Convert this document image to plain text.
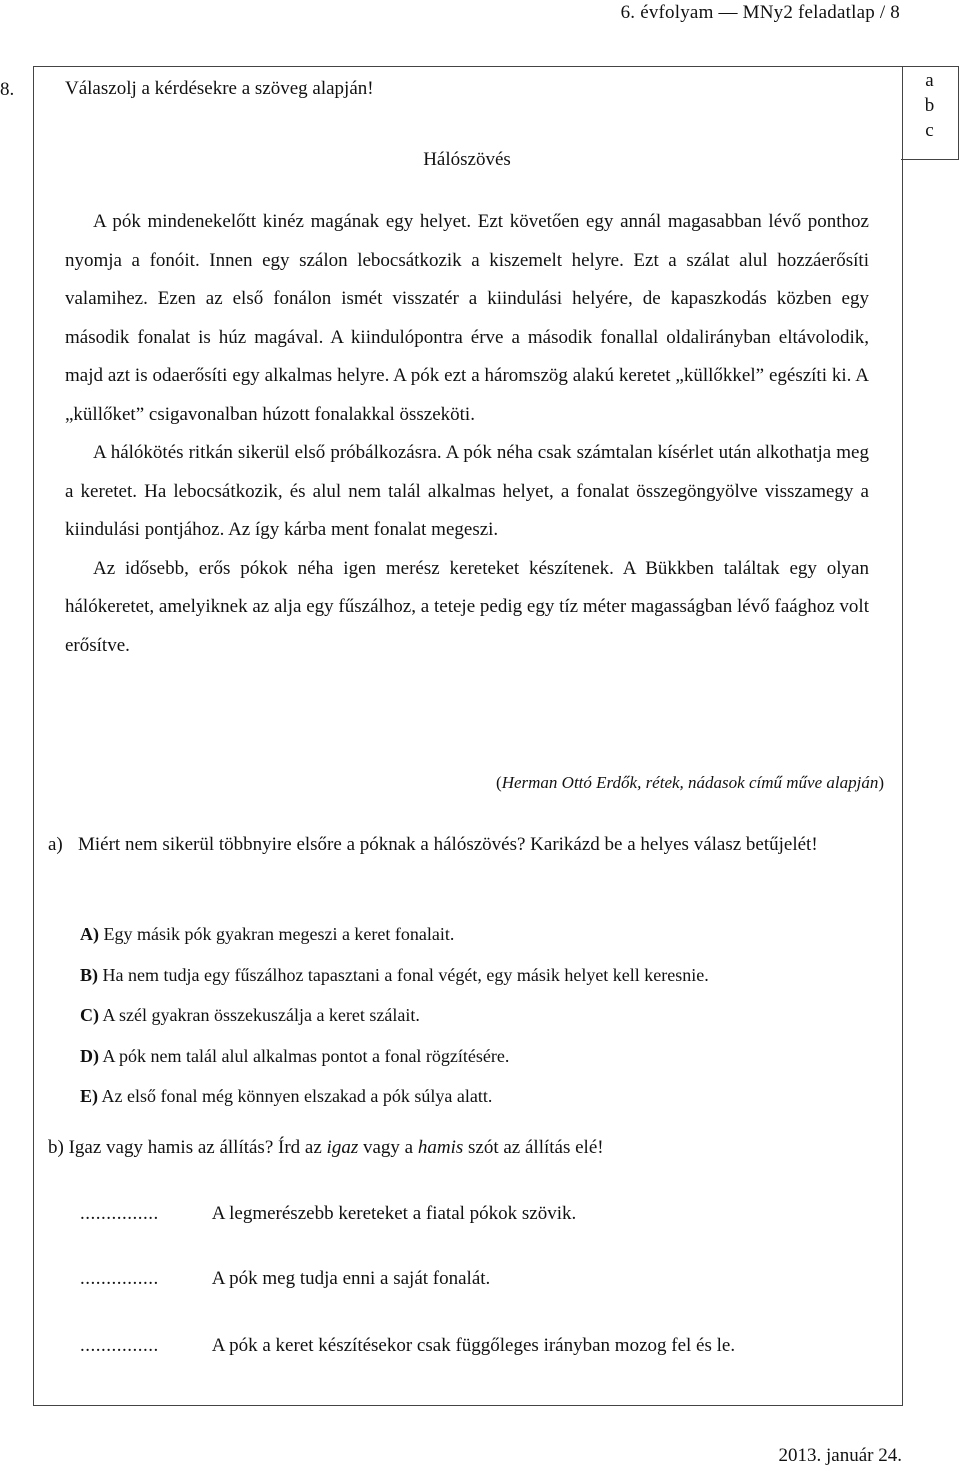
6. évfolyam — MNy2 feladatlap / 8
8.	a
b
c
Válaszolj a kérdésekre a szöveg alapján!
Hálószövés

A pók mindenekelőtt kinéz magának egy helyet. Ezt követően egy annál magasabban lévő ponthoz nyomja a fonóit. Innen egy szálon lebocsátkozik a kiszemelt helyre. Ezt a szálat alul hozzáerősíti valamihez. Ezen az első fonálon ismét visszatér a kiindulási helyére, de kapaszkodás közben egy második fonalat is húz magával. A kiindulópontra érve a második fonallal oldalirányban eltávolodik, majd azt is odaerősíti egy alkalmas helyre. A pók ezt a háromszög alakú keretet „küllőkkel” egészíti ki. A „küllőket” csigavonalban húzott fonalakkal összeköti.

A hálókötés ritkán sikerül első próbálkozásra. A pók néha csak számtalan kísérlet után alkothatja meg a keretet. Ha lebocsátkozik, és alul nem talál alkalmas helyet, a fonalat összegöngyölve visszamegy a kiindulási pontjához. Az így kárba ment fonalat megeszi.

Az idősebb, erős pókok néha igen merész kereteket készítenek. A Bükkben találtak egy olyan hálókeretet, amelyiknek az alja egy fűszálhoz, a teteje pedig egy tíz méter magasságban lévő faághoz volt erősítve.

(Herman Ottó Erdők, rétek, nádasok című műve alapján)
a) Miért nem sikerül többnyire elsőre a póknak a hálószövés? Karikázd be a helyes válasz betűjelét!
A) Egy másik pók gyakran megeszi a keret fonalait.
B) Ha nem tudja egy fűszálhoz tapasztani a fonal végét, egy másik helyet kell keresnie.
C) A szél gyakran összekuszálja a keret szálait.
D) A pók nem talál alul alkalmas pontot a fonal rögzítésére.
E) Az első fonal még könnyen elszakad a pók súlya alatt.
b) Igaz vagy hamis az állítás? Írd az igaz vagy a hamis szót az állítás elé!
...............	A legmerészebb kereteket a fiatal pókok szövik.
...............	A pók meg tudja enni a saját fonalát.
...............	A pók a keret készítésekor csak függőleges irányban mozog fel és le.
2013. január 24.
